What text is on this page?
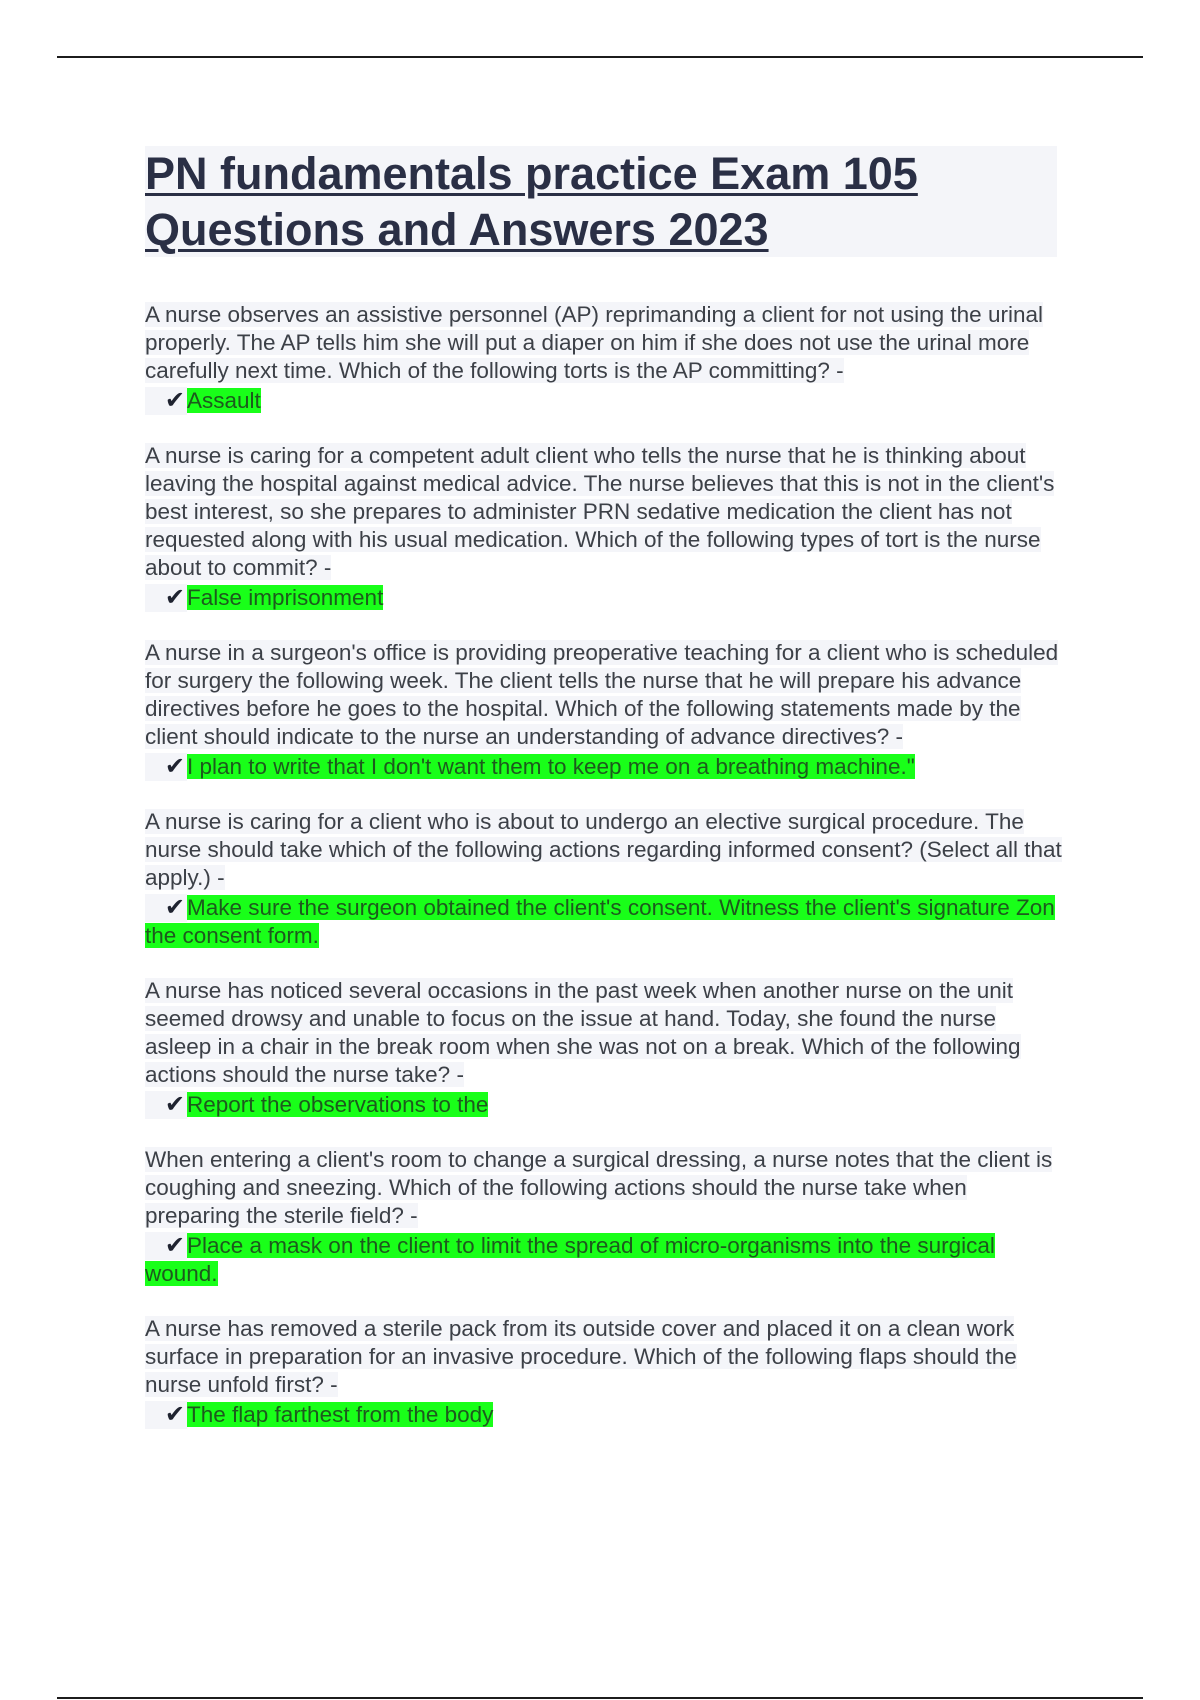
PN fundamentals practice Exam 105
Questions and Answers 2023

A nurse observes an assistive personnel (AP) reprimanding a client for not using the urinal properly. The AP tells him she will put a diaper on him if she does not use the urinal more carefully next time. Which of the following torts is the AP committing? -

✔Assault

A nurse is caring for a competent adult client who tells the nurse that he is thinking about leaving the hospital against medical advice. The nurse believes that this is not in the client's best interest, so she prepares to administer PRN sedative medication the client has not requested along with his usual medication. Which of the following types of tort is the nurse about to commit? -

✔False imprisonment

A nurse in a surgeon's office is providing preoperative teaching for a client who is scheduled for surgery the following week. The client tells the nurse that he will prepare his advance directives before he goes to the hospital. Which of the following statements made by the client should indicate to the nurse an understanding of advance directives? -

✔I plan to write that I don't want them to keep me on a breathing machine."

A nurse is caring for a client who is about to undergo an elective surgical procedure. The nurse should take which of the following actions regarding informed consent? (Select all that apply.) -

✔Make sure the surgeon obtained the client's consent. Witness the client's signature Zon the consent form.

A nurse has noticed several occasions in the past week when another nurse on the unit seemed drowsy and unable to focus on the issue at hand. Today, she found the nurse asleep in a chair in the break room when she was not on a break. Which of the following actions should the nurse take? -

✔Report the observations to the

When entering a client's room to change a surgical dressing, a nurse notes that the client is coughing and sneezing. Which of the following actions should the nurse take when preparing the sterile field? -

✔Place a mask on the client to limit the spread of micro-organisms into the surgical wound.

A nurse has removed a sterile pack from its outside cover and placed it on a clean work surface in preparation for an invasive procedure. Which of the following flaps should the nurse unfold first? -

✔The flap farthest from the body
